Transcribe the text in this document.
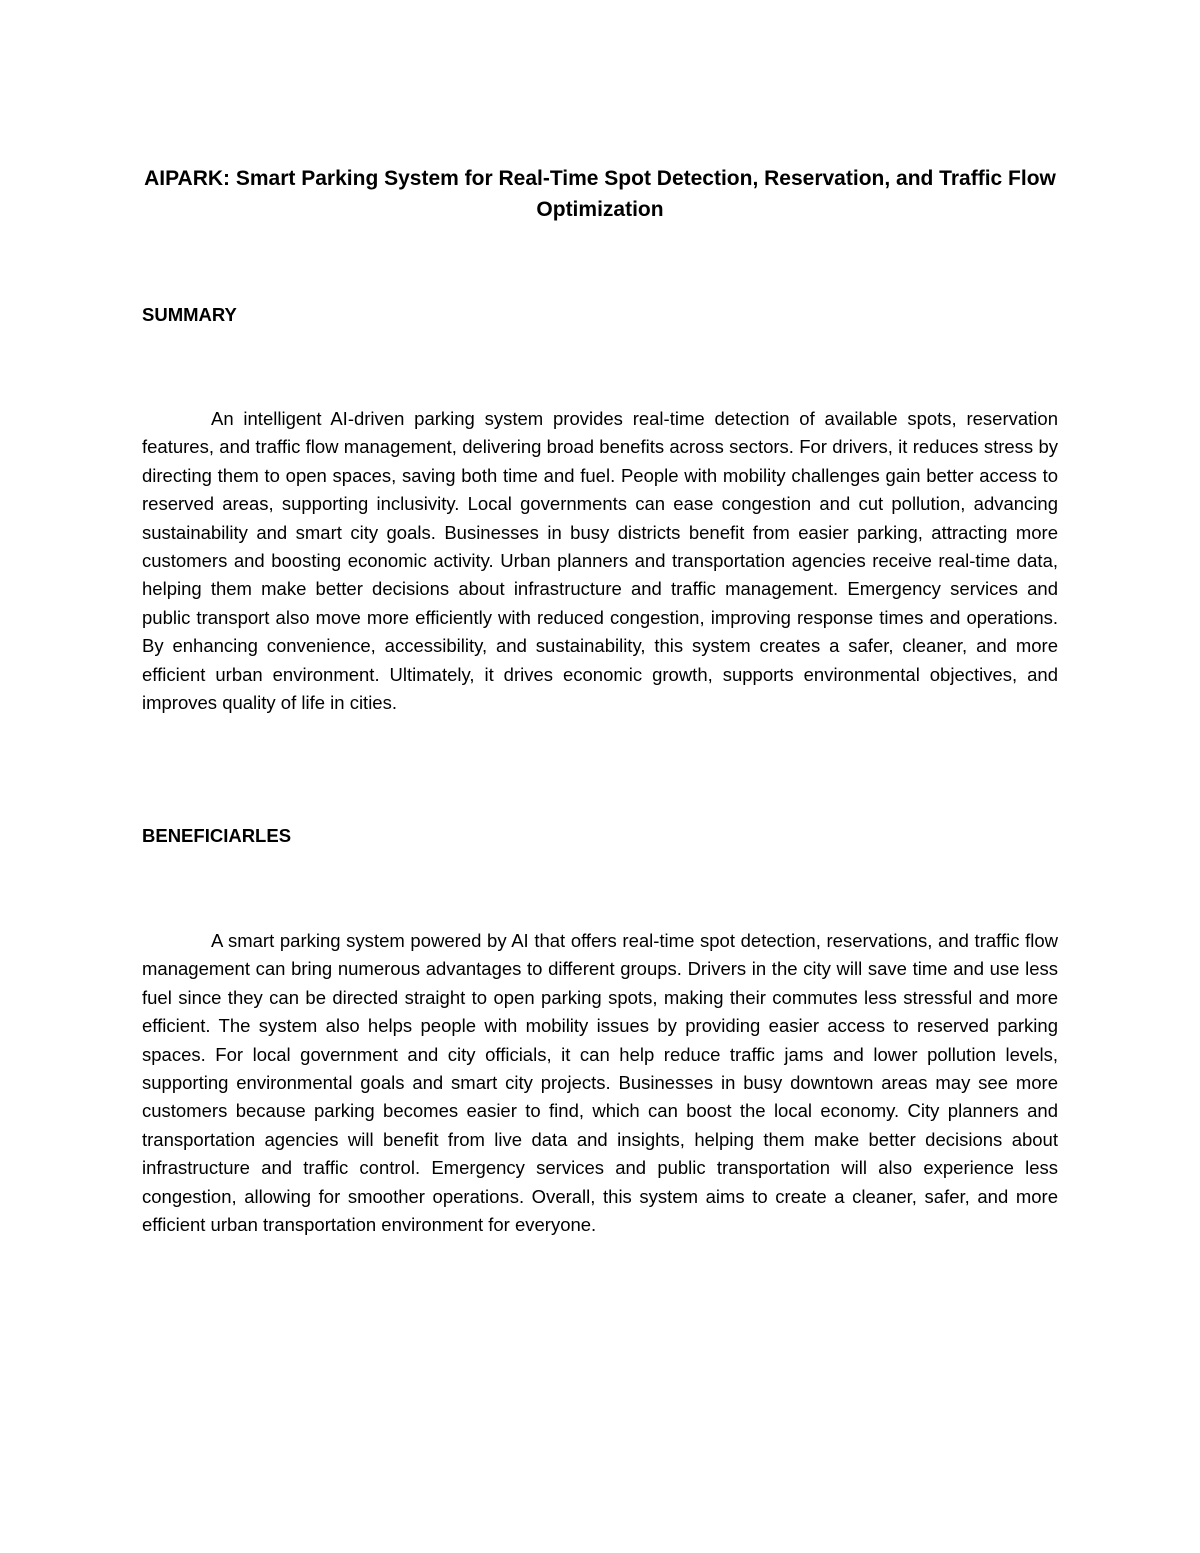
AIPARK: Smart Parking System for Real-Time Spot Detection, Reservation, and Traffic Flow Optimization
SUMMARY

An intelligent AI-driven parking system provides real-time detection of available spots, reservation features, and traffic flow management, delivering broad benefits across sectors. For drivers, it reduces stress by directing them to open spaces, saving both time and fuel. People with mobility challenges gain better access to reserved areas, supporting inclusivity. Local governments can ease congestion and cut pollution, advancing sustainability and smart city goals. Businesses in busy districts benefit from easier parking, attracting more customers and boosting economic activity. Urban planners and transportation agencies receive real-time data, helping them make better decisions about infrastructure and traffic management. Emergency services and public transport also move more efficiently with reduced congestion, improving response times and operations. By enhancing convenience, accessibility, and sustainability, this system creates a safer, cleaner, and more efficient urban environment. Ultimately, it drives economic growth, supports environmental objectives, and improves quality of life in cities.

BENEFICIARLES

A smart parking system powered by AI that offers real-time spot detection, reservations, and traffic flow management can bring numerous advantages to different groups. Drivers in the city will save time and use less fuel since they can be directed straight to open parking spots, making their commutes less stressful and more efficient. The system also helps people with mobility issues by providing easier access to reserved parking spaces. For local government and city officials, it can help reduce traffic jams and lower pollution levels, supporting environmental goals and smart city projects. Businesses in busy downtown areas may see more customers because parking becomes easier to find, which can boost the local economy. City planners and transportation agencies will benefit from live data and insights, helping them make better decisions about infrastructure and traffic control. Emergency services and public transportation will also experience less congestion, allowing for smoother operations. Overall, this system aims to create a cleaner, safer, and more efficient urban transportation environment for everyone.
